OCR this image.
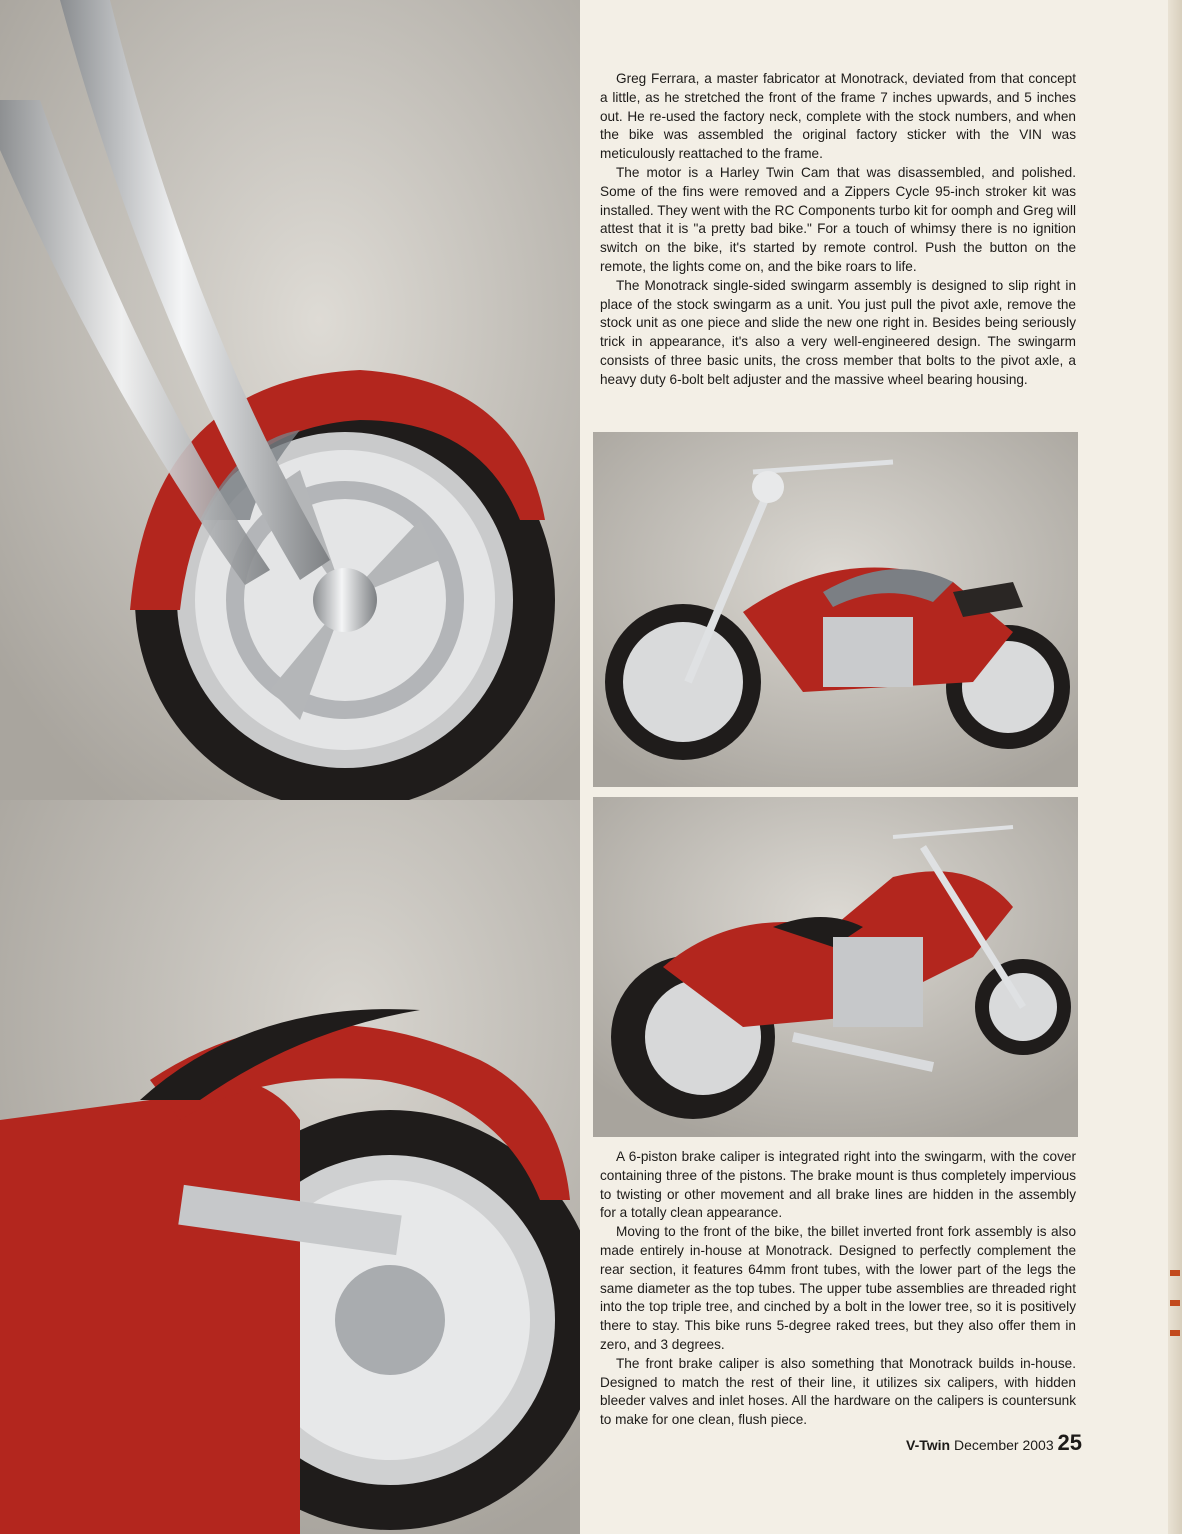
Greg Ferrara, a master fabricator at Monotrack, deviated from that concept a little, as he stretched the front of the frame 7 inches upwards, and 5 inches out. He re-used the factory neck, complete with the stock numbers, and when the bike was assembled the original factory sticker with the VIN was meticulously reattached to the frame.

The motor is a Harley Twin Cam that was disassembled, and polished. Some of the fins were removed and a Zippers Cycle 95-inch stroker kit was installed. They went with the RC Components turbo kit for oomph and Greg will attest that it is "a pretty bad bike." For a touch of whimsy there is no ignition switch on the bike, it's started by remote control. Push the button on the remote, the lights come on, and the bike roars to life.

The Monotrack single-sided swingarm assembly is designed to slip right in place of the stock swingarm as a unit. You just pull the pivot axle, remove the stock unit as one piece and slide the new one right in. Besides being seriously trick in appearance, it's also a very well-engineered design. The swingarm consists of three basic units, the cross member that bolts to the pivot axle, a heavy duty 6-bolt belt adjuster and the massive wheel bearing housing.

A 6-piston brake caliper is integrated right into the swingarm, with the cover containing three of the pistons. The brake mount is thus completely impervious to twisting or other movement and all brake lines are hidden in the assembly for a totally clean appearance.

Moving to the front of the bike, the billet inverted front fork assembly is also made entirely in-house at Monotrack. Designed to perfectly complement the rear section, it features 64mm front tubes, with the lower part of the legs the same diameter as the top tubes. The upper tube assemblies are threaded right into the top triple tree, and cinched by a bolt in the lower tree, so it is positively there to stay. This bike runs 5-degree raked trees, but they also offer them in zero, and 3 degrees.

The front brake caliper is also something that Monotrack builds in-house. Designed to match the rest of their line, it utilizes six calipers, with hidden bleeder valves and inlet hoses. All the hardware on the calipers is countersunk to make for one clean, flush piece.

V-Twin December 2003 25
